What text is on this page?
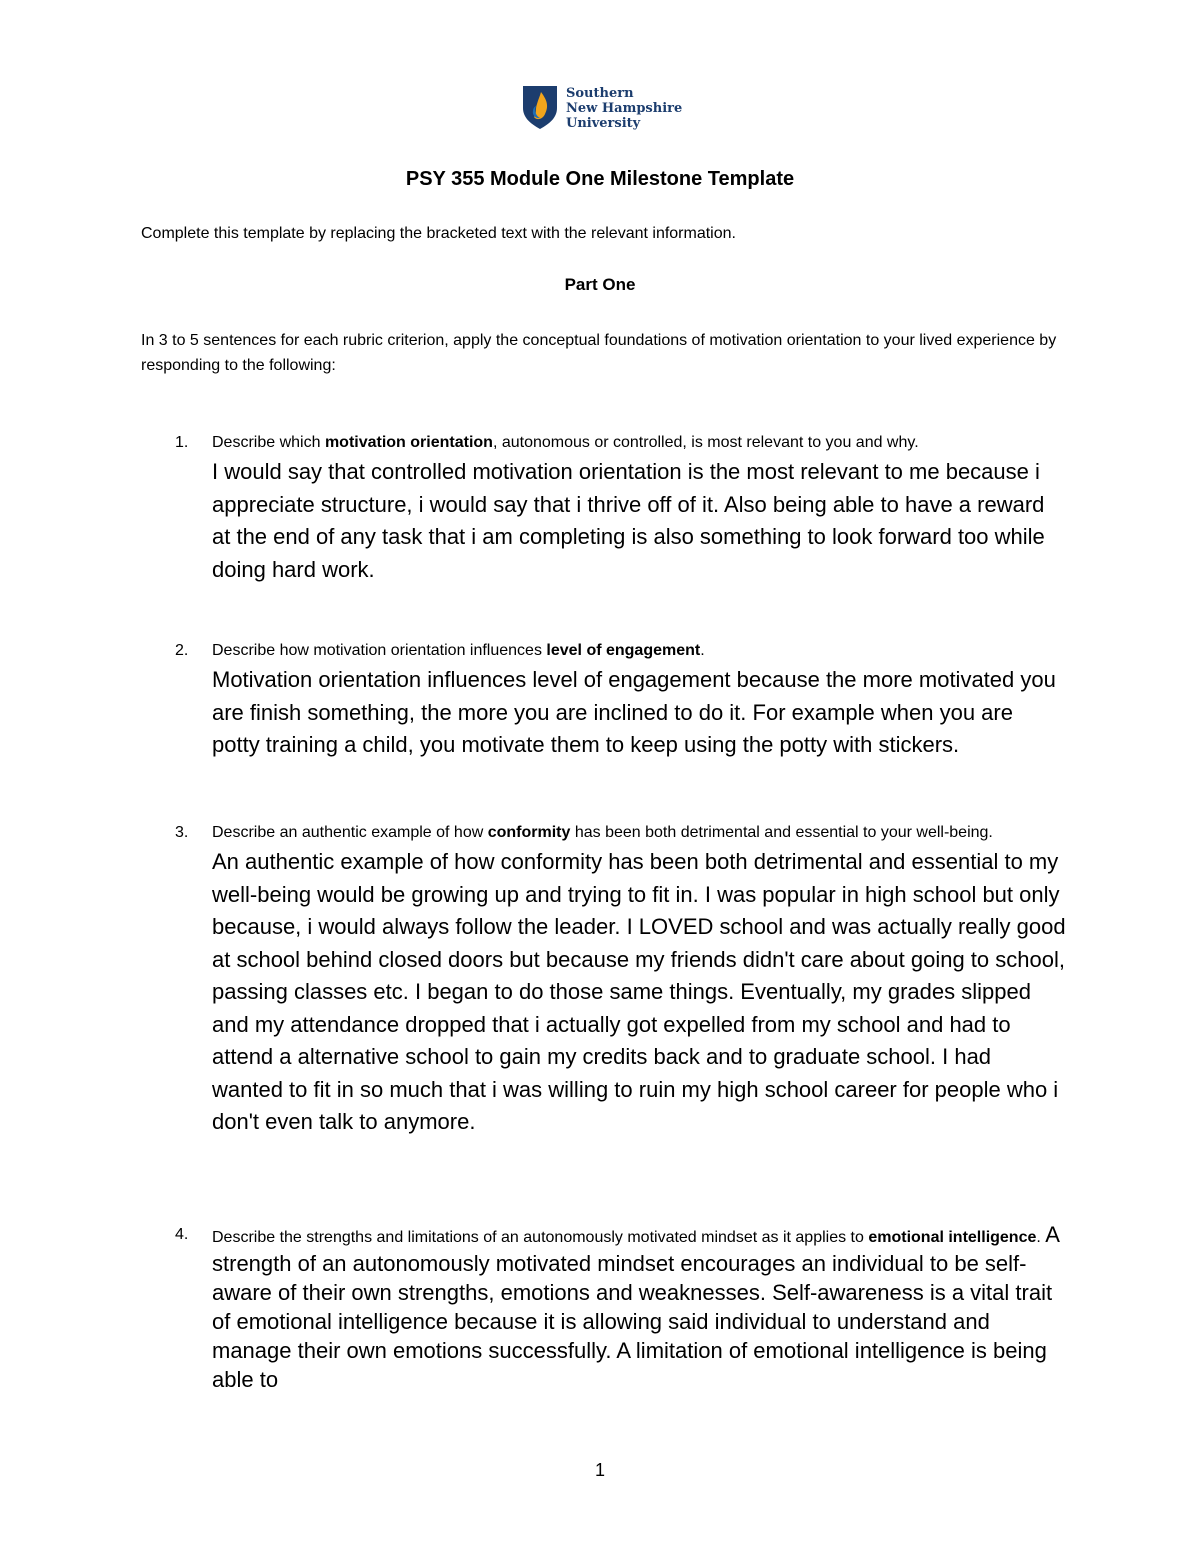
Southern
New Hampshire
University
PSY 355 Module One Milestone Template
Complete this template by replacing the bracketed text with the relevant information.
Part One
In 3 to 5 sentences for each rubric criterion, apply the conceptual foundations of motivation orientation to your lived experience by responding to the following:
1. Describe which motivation orientation, autonomous or controlled, is most relevant to you and why.
I would say that controlled motivation orientation is the most relevant to me because i appreciate structure, i would say that i thrive off of it. Also being able to have a reward at the end of any task that i am completing is also something to look forward too while doing hard work.
2. Describe how motivation orientation influences level of engagement.
Motivation orientation influences level of engagement because the more motivated you are finish something, the more you are inclined to do it. For example when you are potty training a child, you motivate them to keep using the potty with stickers.
3. Describe an authentic example of how conformity has been both detrimental and essential to your well-being.
An authentic example of how conformity has been both detrimental and essential to my well-being would be growing up and trying to fit in. I was popular in high school but only because, i would always follow the leader. I LOVED school and was actually really good at school behind closed doors but because my friends didn't care about going to school, passing classes etc. I began to do those same things. Eventually, my grades slipped and my attendance dropped that i actually got expelled from my school and had to attend a alternative school to gain my credits back and to graduate school. I had wanted to fit in so much that i was willing to ruin my high school career for people who i don't even talk to anymore.
4. Describe the strengths and limitations of an autonomously motivated mindset as it applies to emotional intelligence. A strength of an autonomously motivated mindset encourages an individual to be self-aware of their own strengths, emotions and weaknesses. Self-awareness is a vital trait of emotional intelligence because it is allowing said individual to understand and manage their own emotions successfully. A limitation of emotional intelligence is being able to
1
